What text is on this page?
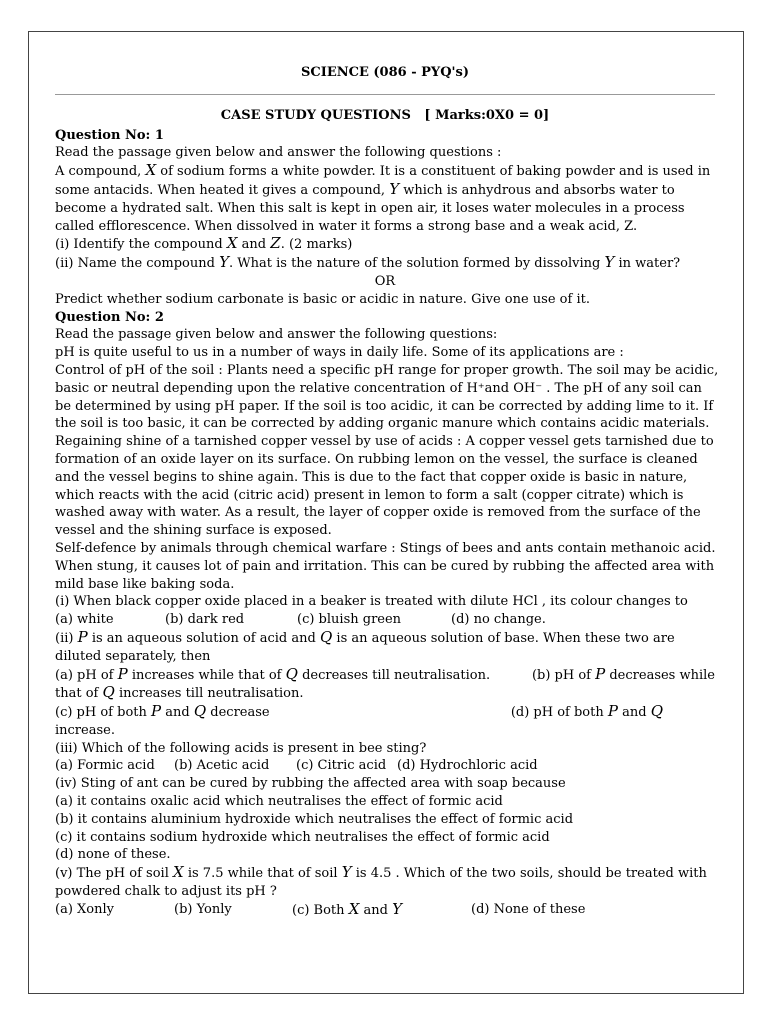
SCIENCE (086 - PYQ's)
CASE STUDY QUESTIONS   [ Marks:0X0 = 0]
Question No: 1
Read the passage given below and answer the following questions :
A compound, X of sodium forms a white powder. It is a constituent of baking powder and is used in
some antacids. When heated it gives a compound, Y which is anhydrous and absorbs water to
become a hydrated salt. When this salt is kept in open air, it loses water molecules in a process
called efflorescence. When dissolved in water it forms a strong base and a weak acid, Z.
(i) Identify the compound X and Z. (2 marks)
(ii) Name the compound Y. What is the nature of the solution formed by dissolving Y in water?
OR
Predict whether sodium carbonate is basic or acidic in nature. Give one use of it.
Question No: 2
Read the passage given below and answer the following questions:
pH is quite useful to us in a number of ways in daily life. Some of its applications are :
Control of pH of the soil : Plants need a specific pH range for proper growth. The soil may be acidic,
basic or neutral depending upon the relative concentration of H⁺and OH⁻ . The pH of any soil can
be determined by using pH paper. If the soil is too acidic, it can be corrected by adding lime to it. If
the soil is too basic, it can be corrected by adding organic manure which contains acidic materials.
Regaining shine of a tarnished copper vessel by use of acids : A copper vessel gets tarnished due to
formation of an oxide layer on its surface. On rubbing lemon on the vessel, the surface is cleaned
and the vessel begins to shine again. This is due to the fact that copper oxide is basic in nature,
which reacts with the acid (citric acid) present in lemon to form a salt (copper citrate) which is
washed away with water. As a result, the layer of copper oxide is removed from the surface of the
vessel and the shining surface is exposed.
Self-defence by animals through chemical warfare : Stings of bees and ants contain methanoic acid.
When stung, it causes lot of pain and irritation. This can be cured by rubbing the affected area with
mild base like baking soda.
(i) When black copper oxide placed in a beaker is treated with dilute HCl , its colour changes to
(a) white	(b) dark red	(c) bluish green	(d) no change.
(ii) P is an aqueous solution of acid and Q is an aqueous solution of base. When these two are
diluted separately, then
(a) pH of P increases while that of Q decreases till neutralisation.	(b) pH of P decreases while
that of Q increases till neutralisation.
(c) pH of both P and Q decrease	(d) pH of both P and Q
increase.
(iii) Which of the following acids is present in bee sting?
(a) Formic acid	(b) Acetic acid	(c) Citric acid (d) Hydrochloric acid
(iv) Sting of ant can be cured by rubbing the affected area with soap because
(a) it contains oxalic acid which neutralises the effect of formic acid
(b) it contains aluminium hydroxide which neutralises the effect of formic acid
(c) it contains sodium hydroxide which neutralises the effect of formic acid
(d) none of these.
(v) The pH of soil X is 7.5 while that of soil Y is 4.5 . Which of the two soils, should be treated with
powdered chalk to adjust its pH ?
(a) Xonly	(b) Yonly	(c) Both X and Y	(d) None of these
